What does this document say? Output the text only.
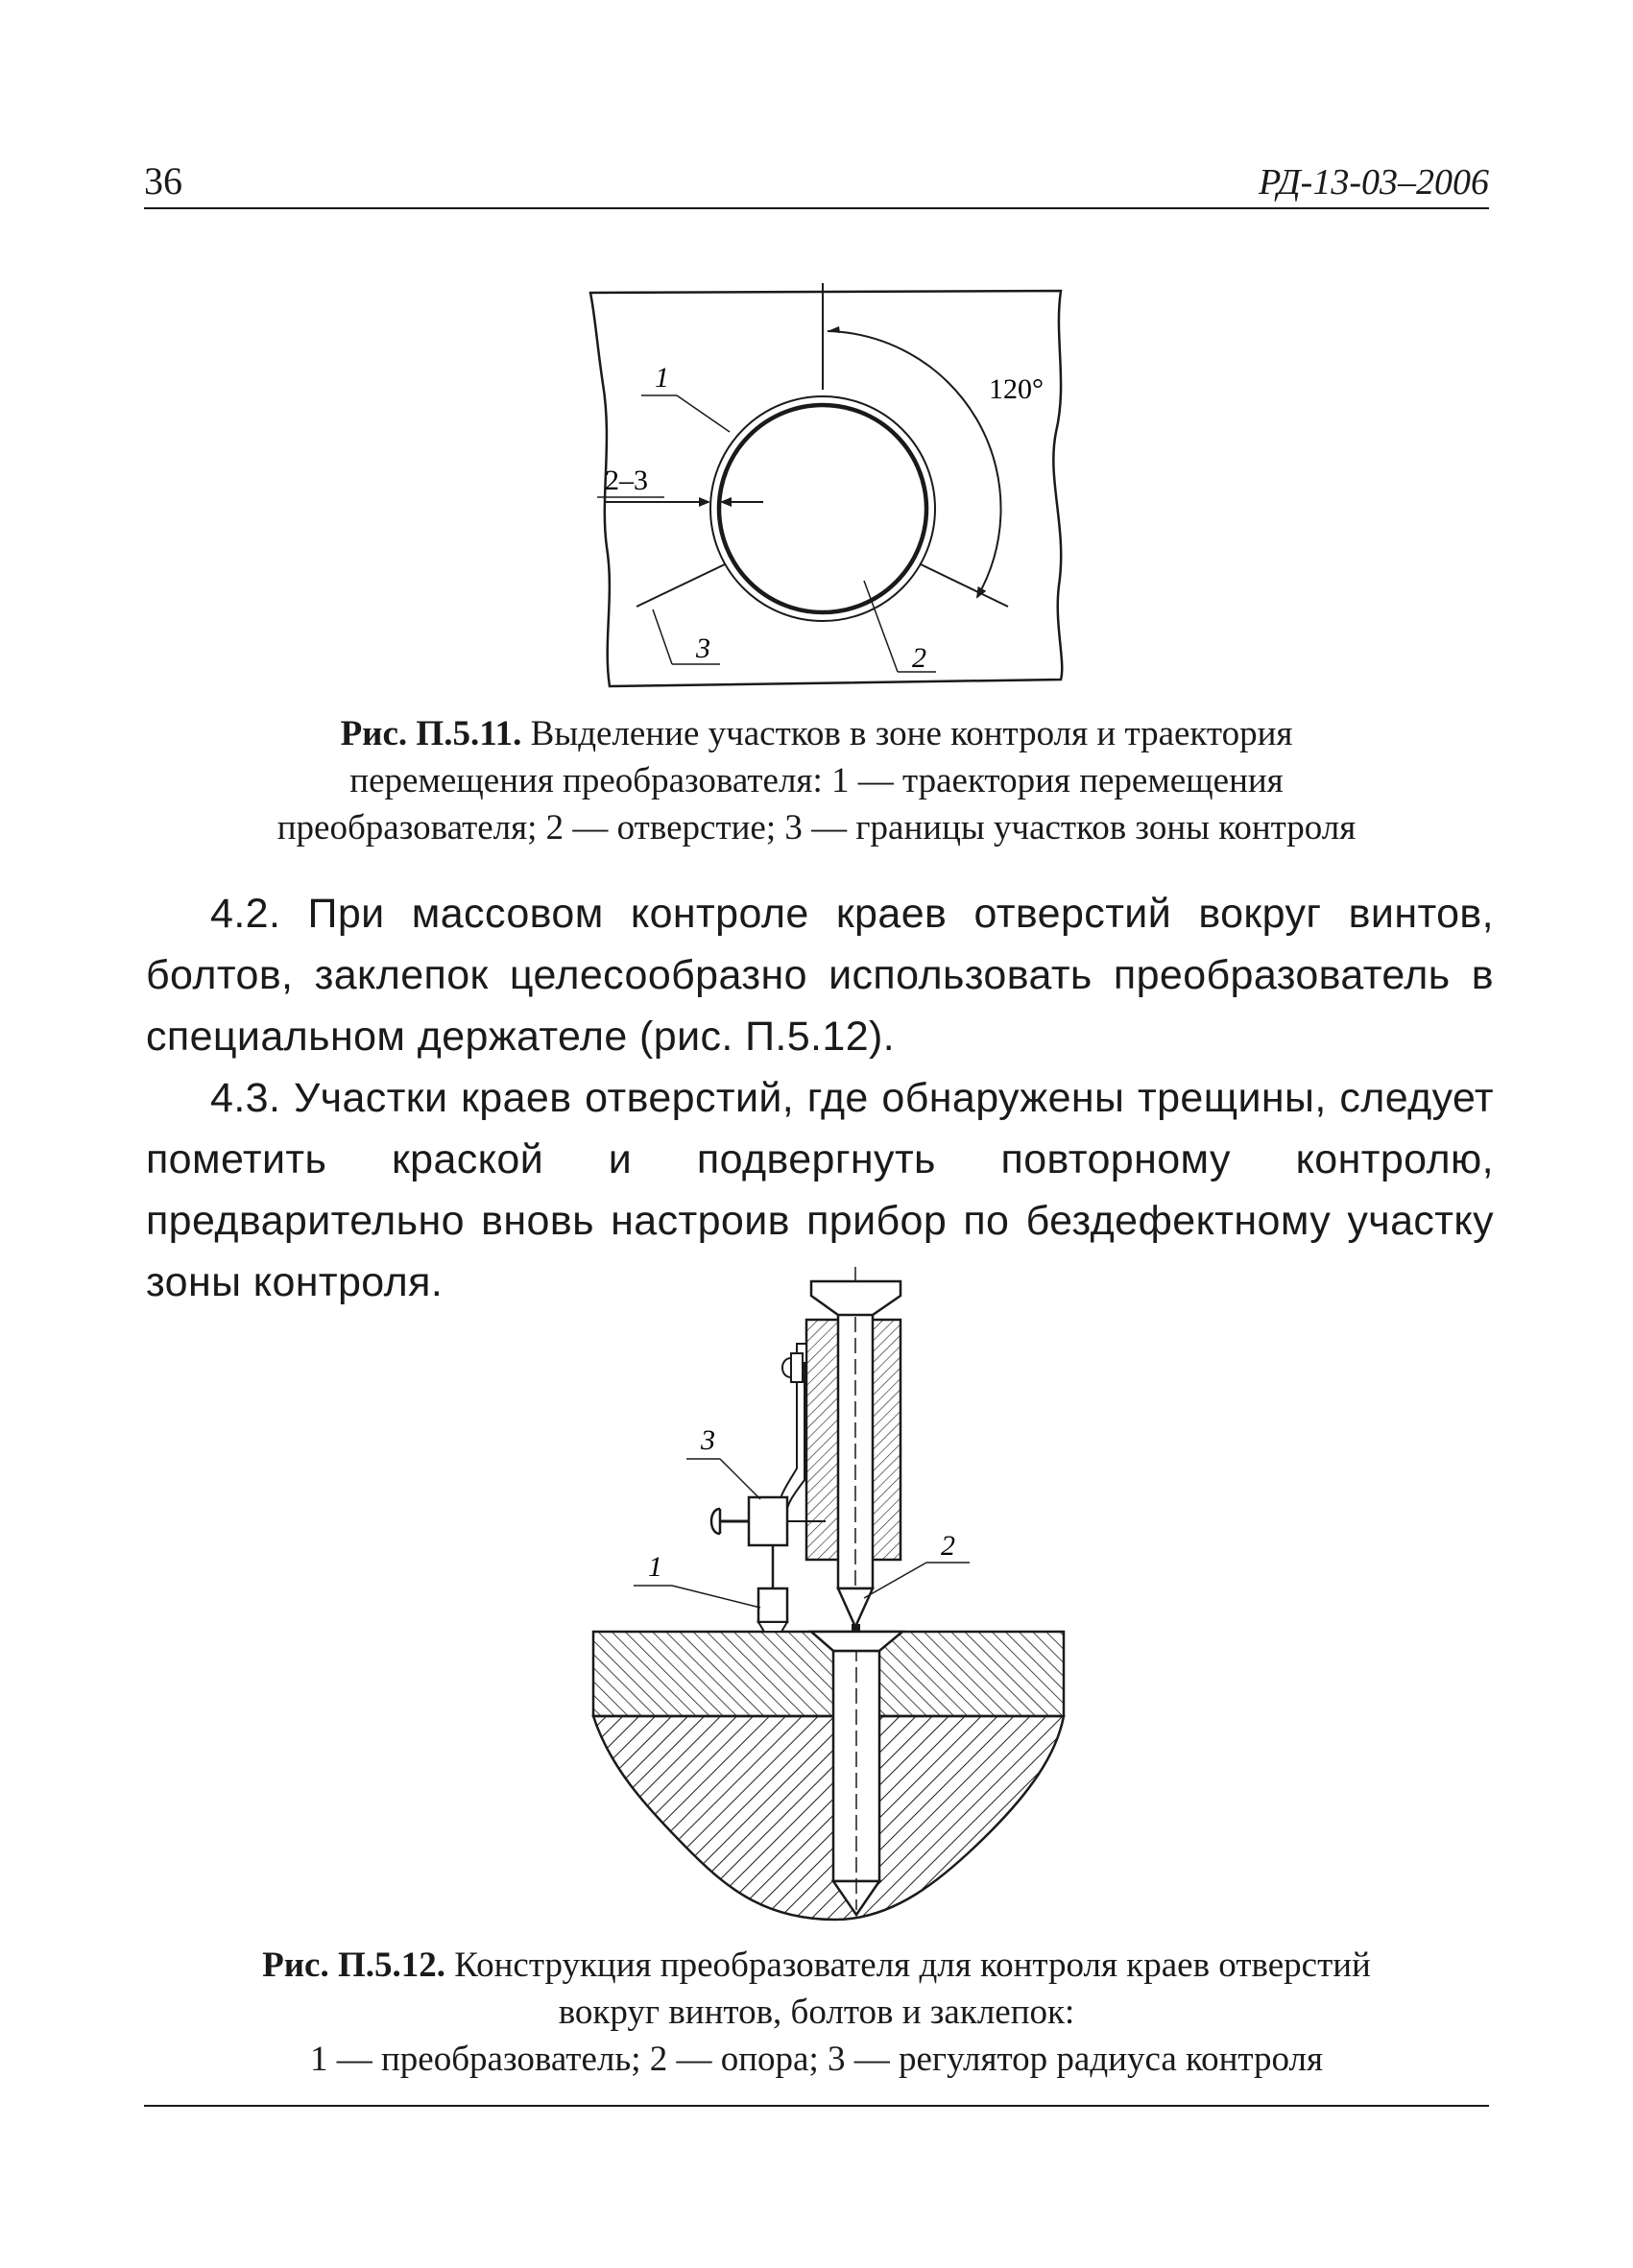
36	РД-13-03–2006
120°
1
2–3
3	2
Рис. П.5.11. Выделение участков в зоне контроля и траектория
перемещения преобразователя: 1 — траектория перемещения
преобразователя; 2 — отверстие; 3 — границы участков зоны контроля

4.2. При массовом контроле краев отверстий вокруг винтов, болтов, заклепок целесообразно использовать преобразователь в специальном держателе (рис. П.5.12).

4.3. Участки краев отверстий, где обнаружены трещины, следует пометить краской и подвергнуть повторному контролю, предварительно вновь настроив прибор по бездефектному участку зоны контроля.

3
1
2
Рис. П.5.12. Конструкция преобразователя для контроля краев отверстий
вокруг винтов, болтов и заклепок:
1 — преобразователь; 2 — опора; 3 — регулятор радиуса контроля
